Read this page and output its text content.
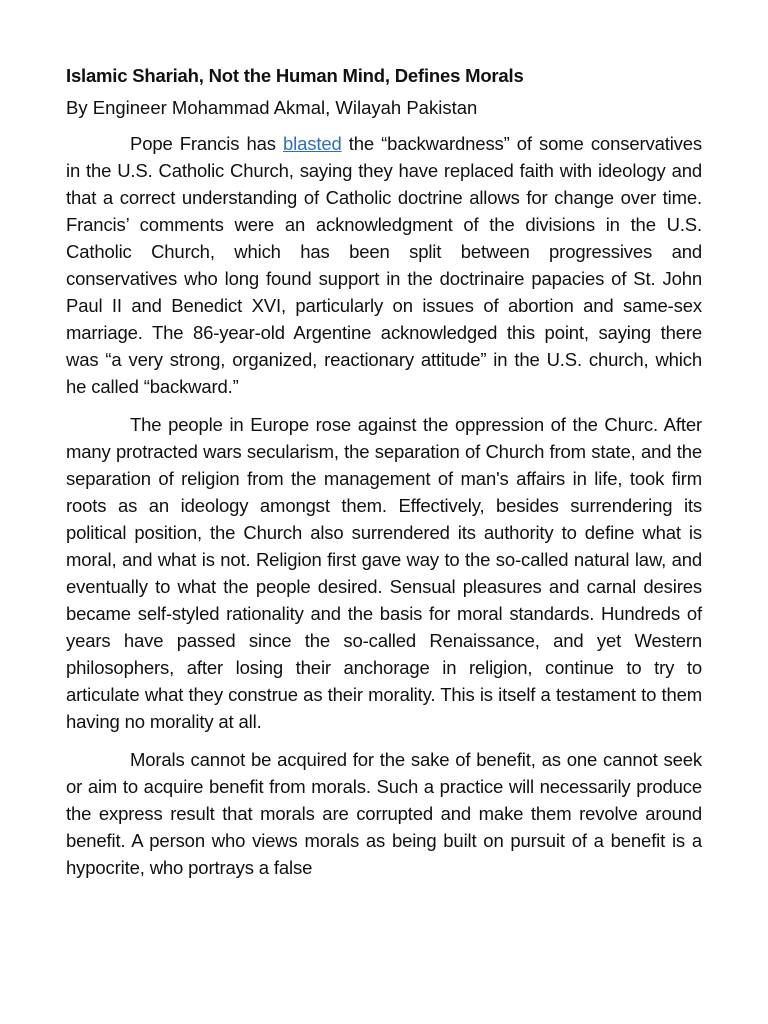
Islamic Shariah, Not the Human Mind, Defines Morals

By Engineer Mohammad Akmal, Wilayah Pakistan

Pope Francis has blasted the “backwardness” of some conservatives in the U.S. Catholic Church, saying they have replaced faith with ideology and that a correct understanding of Catholic doctrine allows for change over time. Francis’ comments were an acknowledgment of the divisions in the U.S. Catholic Church, which has been split between progressives and conservatives who long found support in the doctrinaire papacies of St. John Paul II and Benedict XVI, particularly on issues of abortion and same-sex marriage. The 86-year-old Argentine acknowledged this point, saying there was “a very strong, organized, reactionary attitude” in the U.S. church, which he called “backward.”

The people in Europe rose against the oppression of the Churc. After many protracted wars secularism, the separation of Church from state, and the separation of religion from the management of man's affairs in life, took firm roots as an ideology amongst them. Effectively, besides surrendering its political position, the Church also surrendered its authority to define what is moral, and what is not. Religion first gave way to the so-called natural law, and eventually to what the people desired. Sensual pleasures and carnal desires became self-styled rationality and the basis for moral standards. Hundreds of years have passed since the so-called Renaissance, and yet Western philosophers, after losing their anchorage in religion, continue to try to articulate what they construe as their morality. This is itself a testament to them having no morality at all.

Morals cannot be acquired for the sake of benefit, as one cannot seek or aim to acquire benefit from morals. Such a practice will necessarily produce the express result that morals are corrupted and make them revolve around benefit. A person who views morals as being built on pursuit of a benefit is a hypocrite, who portrays a false
